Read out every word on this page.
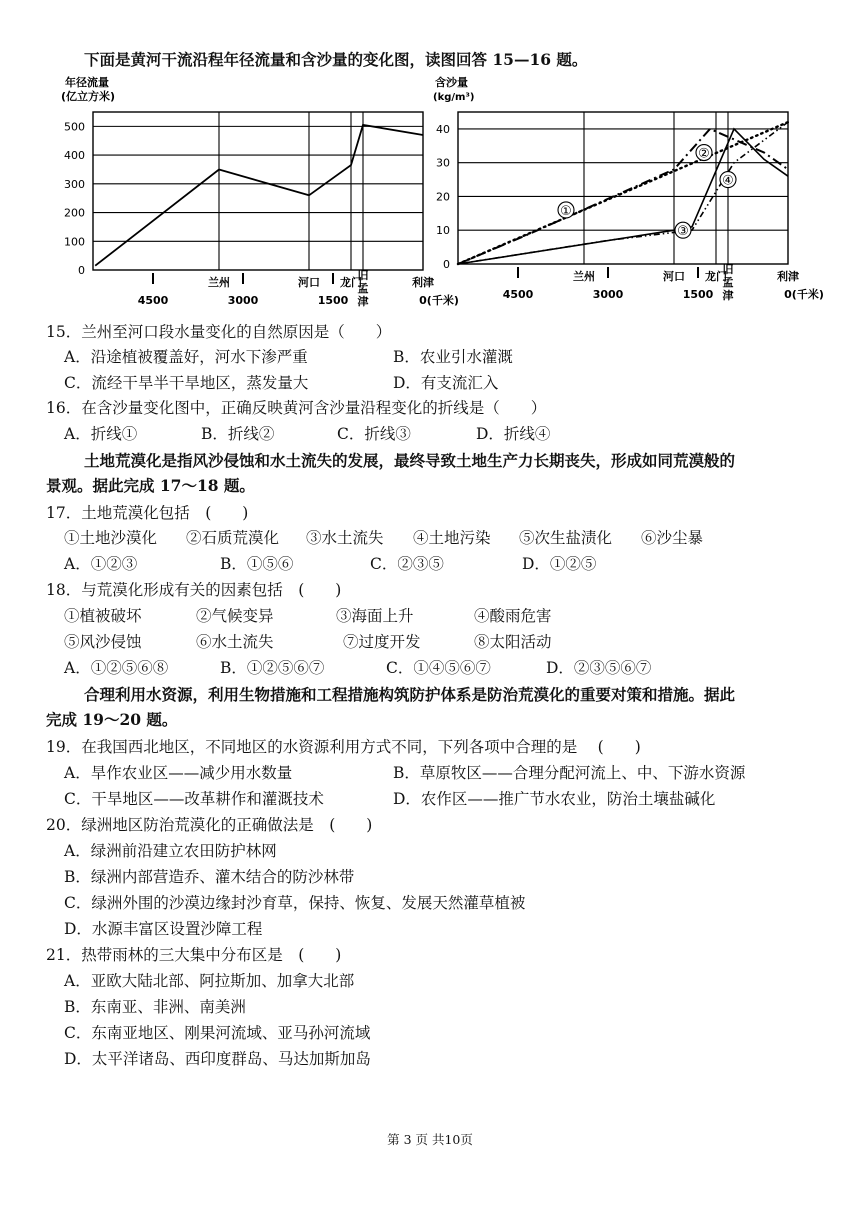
下面是黄河干流沿程年径流量和含沙量的变化图，读图回答 15—16 题。
年径流量
(亿立方米)
500
400
300
200
100
0
4500	3000	1500	0(千米)
兰州	河口 龙门
旧
孟
津
利津
含沙量
(kg/m³)
40
30
20
10
0
4500	3000	1500	0(千米)
兰州	河口 龙门
旧
孟
津
利津
①
②
③
④
15．兰州至河口段水量变化的自然原因是（　　）
A．沿途植被覆盖好，河水下渗严重	B．农业引水灌溉
C．流经干旱半干旱地区，蒸发量大	D．有支流汇入
16．在含沙量变化图中，正确反映黄河含沙量沿程变化的折线是（　　）
A．折线①	B．折线②	C．折线③	D．折线④
土地荒漠化是指风沙侵蚀和水土流失的发展，最终导致土地生产力长期丧失，形成如同荒漠般的
景观。据此完成 17～18 题。
17．土地荒漠化包括　(　　)
①土地沙漠化 ②石质荒漠化 ③水土流失 ④土地污染 ⑤次生盐渍化 ⑥沙尘暴
A．①②③	B．①⑤⑥	C．②③⑤	D．①②⑤
18．与荒漠化形成有关的因素包括　(　　)
①植被破坏	②气候变异	③海面上升	④酸雨危害
⑤风沙侵蚀	⑥水土流失	⑦过度开发	⑧太阳活动
A．①②⑤⑥⑧	B．①②⑤⑥⑦	C．①④⑤⑥⑦	D．②③⑤⑥⑦
合理利用水资源，利用生物措施和工程措施构筑防护体系是防治荒漠化的重要对策和措施。据此
完成 19～20 题。
19．在我国西北地区，不同地区的水资源利用方式不同，下列各项中合理的是　 (　　)
A．旱作农业区——减少用水数量	B．草原牧区——合理分配河流上、中、下游水资源
C．干旱地区——改革耕作和灌溉技术	D．农作区——推广节水农业，防治土壤盐碱化
20．绿洲地区防治荒漠化的正确做法是　(　　)
A．绿洲前沿建立农田防护林网
B．绿洲内部营造乔、灌木结合的防沙林带
C．绿洲外围的沙漠边缘封沙育草，保持、恢复、发展天然灌草植被
D．水源丰富区设置沙障工程
21．热带雨林的三大集中分布区是　(　　)
A．亚欧大陆北部、阿拉斯加、加拿大北部
B．东南亚、非洲、南美洲
C．东南亚地区、刚果河流域、亚马孙河流域
D．太平洋诸岛、西印度群岛、马达加斯加岛
第 3 页 共10页
